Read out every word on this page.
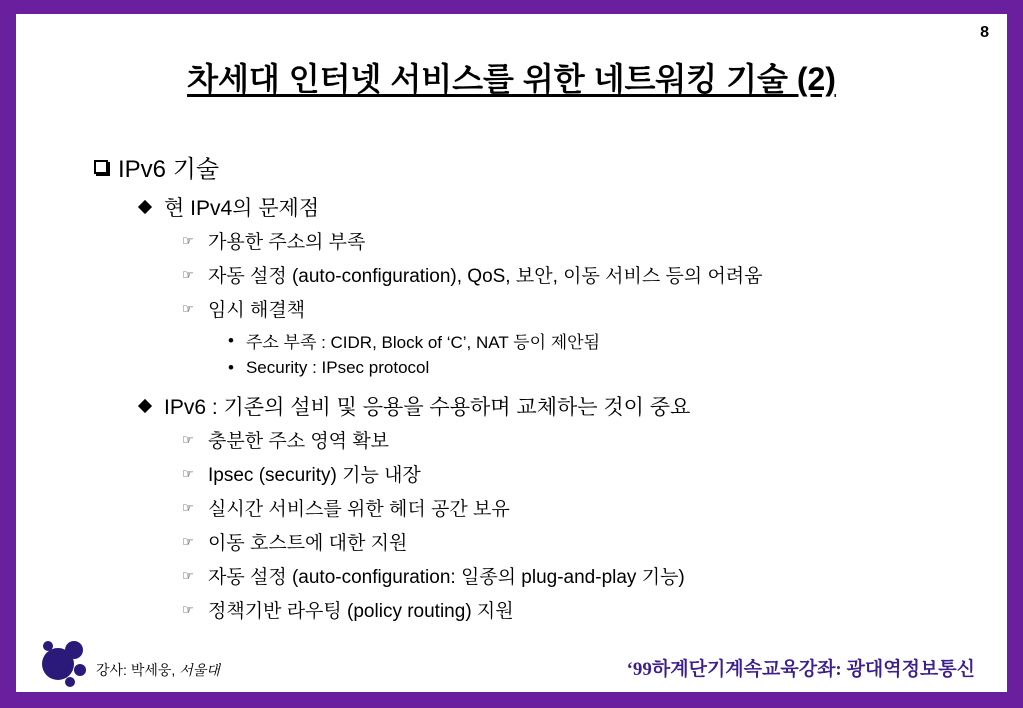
8
차세대 인터넷 서비스를 위한 네트워킹 기술 (2)
IPv6 기술
현 IPv4의 문제점
☞ 가용한 주소의 부족
☞ 자동 설정 (auto-configuration), QoS, 보안, 이동 서비스 등의 어려움
☞ 임시 해결책
• 주소 부족 : CIDR, Block of ‘C’, NAT 등이 제안됨
• Security : IPsec protocol
IPv6 : 기존의 설비 및 응용을 수용하며 교체하는 것이 중요
☞ 충분한 주소 영역 확보
☞ Ipsec (security) 기능 내장
☞ 실시간 서비스를 위한 헤더 공간 보유
☞ 이동 호스트에 대한 지원
☞ 자동 설정 (auto-configuration: 일종의 plug-and-play 기능)
☞ 정책기반 라우팅 (policy routing) 지원
강사: 박세웅, 서울대	‘99하계단기계속교육강좌: 광대역정보통신
